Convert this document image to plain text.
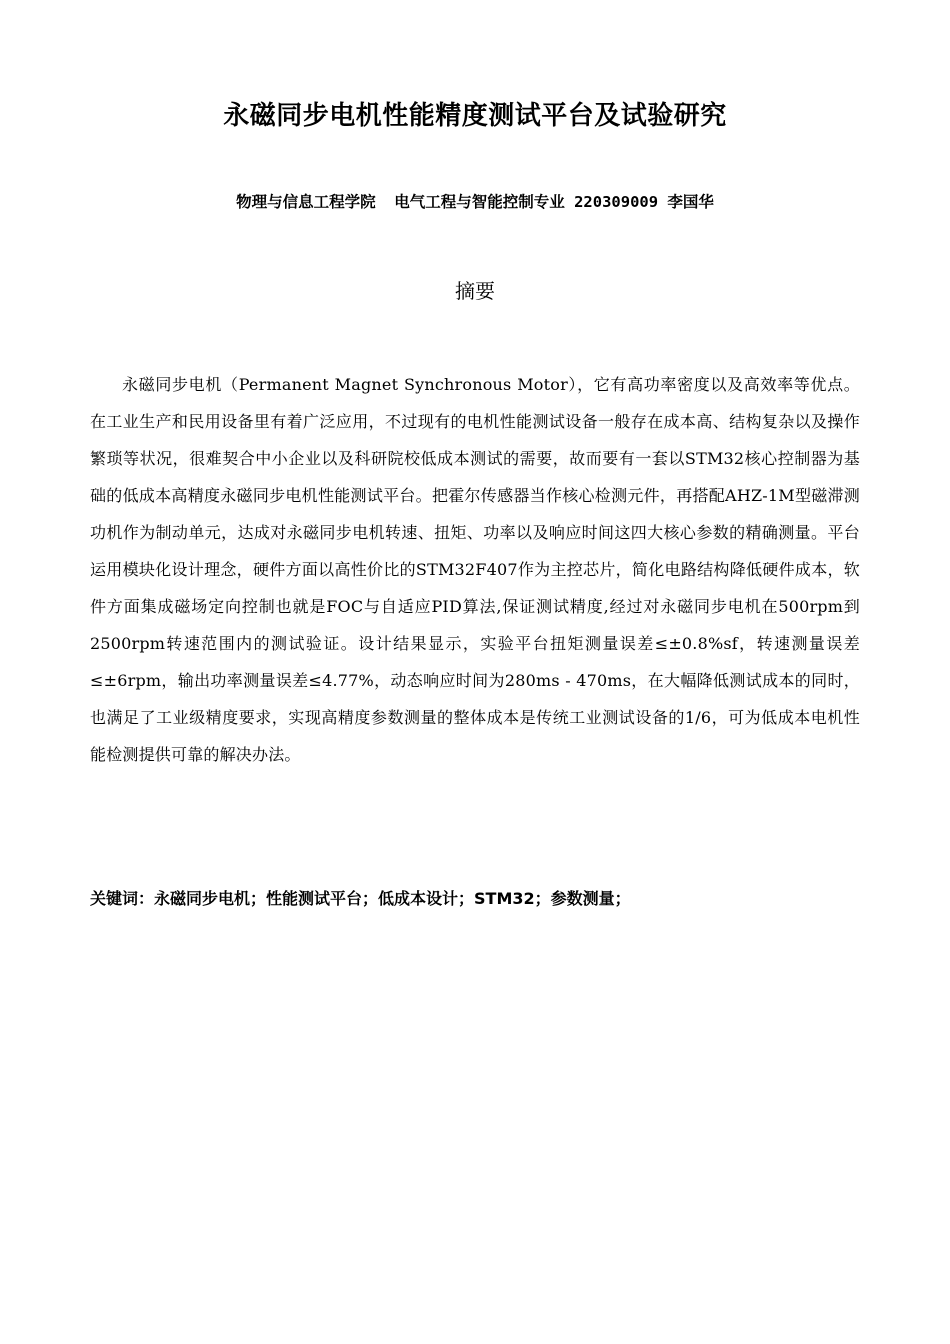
永磁同步电机性能精度测试平台及试验研究
物理与信息工程学院  电气工程与智能控制专业 220309009 李国华
摘要

永磁同步电机（Permanent Magnet Synchronous Motor），它有高功率密度以及高效率等优点。在工业生产和民用设备里有着广泛应用，不过现有的电机性能测试设备一般存在成本高、结构复杂以及操作繁琐等状况，很难契合中小企业以及科研院校低成本测试的需要，故而要有一套以STM32核心控制器为基础的低成本高精度永磁同步电机性能测试平台。把霍尔传感器当作核心检测元件，再搭配AHZ-1M型磁滞测功机作为制动单元，达成对永磁同步电机转速、扭矩、功率以及响应时间这四大核心参数的精确测量。平台运用模块化设计理念，硬件方面以高性价比的STM32F407作为主控芯片，简化电路结构降低硬件成本，软件方面集成磁场定向控制也就是FOC与自适应PID算法,保证测试精度,经过对永磁同步电机在500rpm到2500rpm转速范围内的测试验证。设计结果显示，实验平台扭矩测量误差≤±0.8%sf，转速测量误差≤±6rpm，输出功率测量误差≤4.77%，动态响应时间为280ms - 470ms，在大幅降低测试成本的同时，也满足了工业级精度要求，实现高精度参数测量的整体成本是传统工业测试设备的1/6，可为低成本电机性能检测提供可靠的解决办法。

关键词：永磁同步电机；性能测试平台；低成本设计；STM32；参数测量；
